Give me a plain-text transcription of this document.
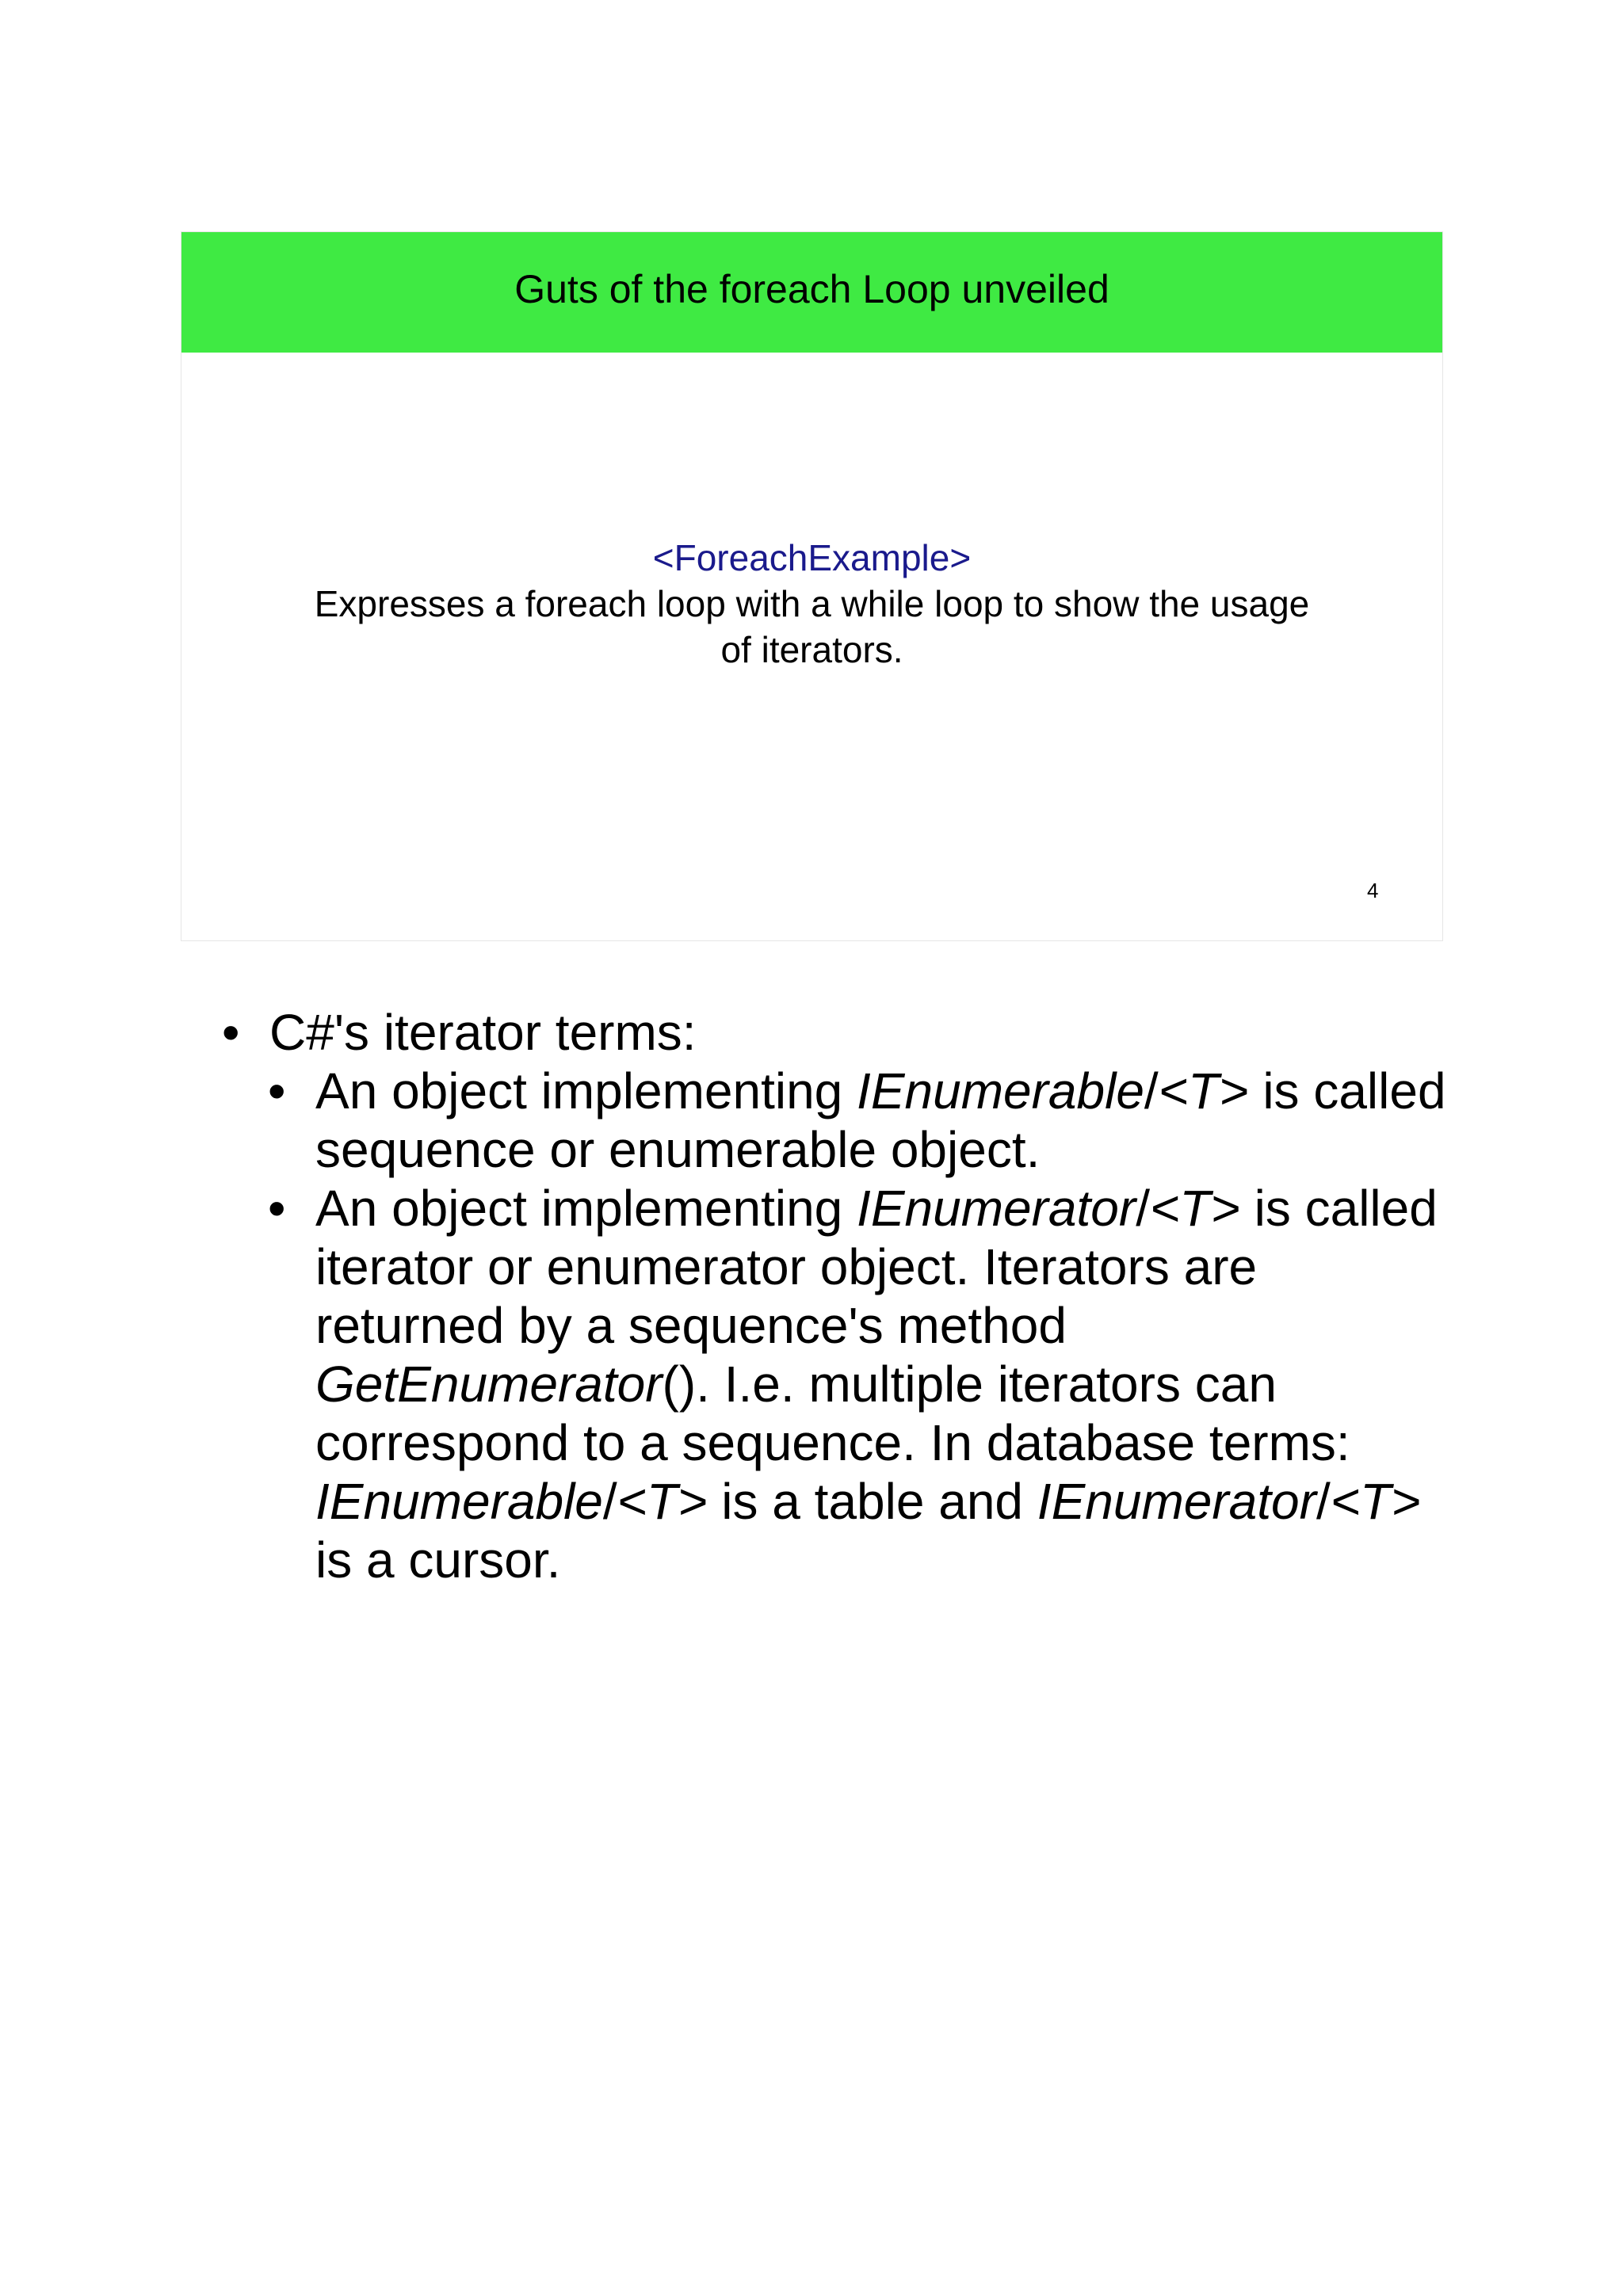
Guts of the foreach Loop unveiled
<ForeachExample>
Expresses a foreach loop with a while loop to show the usage of iterators.
4
• C#'s iterator terms:
• An object implementing IEnumerable/<T> is called sequence or enumerable object.
• An object implementing IEnumerator/<T> is called iterator or enumerator object. Iterators are returned by a sequence's method GetEnumerator(). I.e. multiple iterators can correspond to a sequence. In database terms: IEnumerable/<T> is a table and IEnumerator/<T> is a cursor.
